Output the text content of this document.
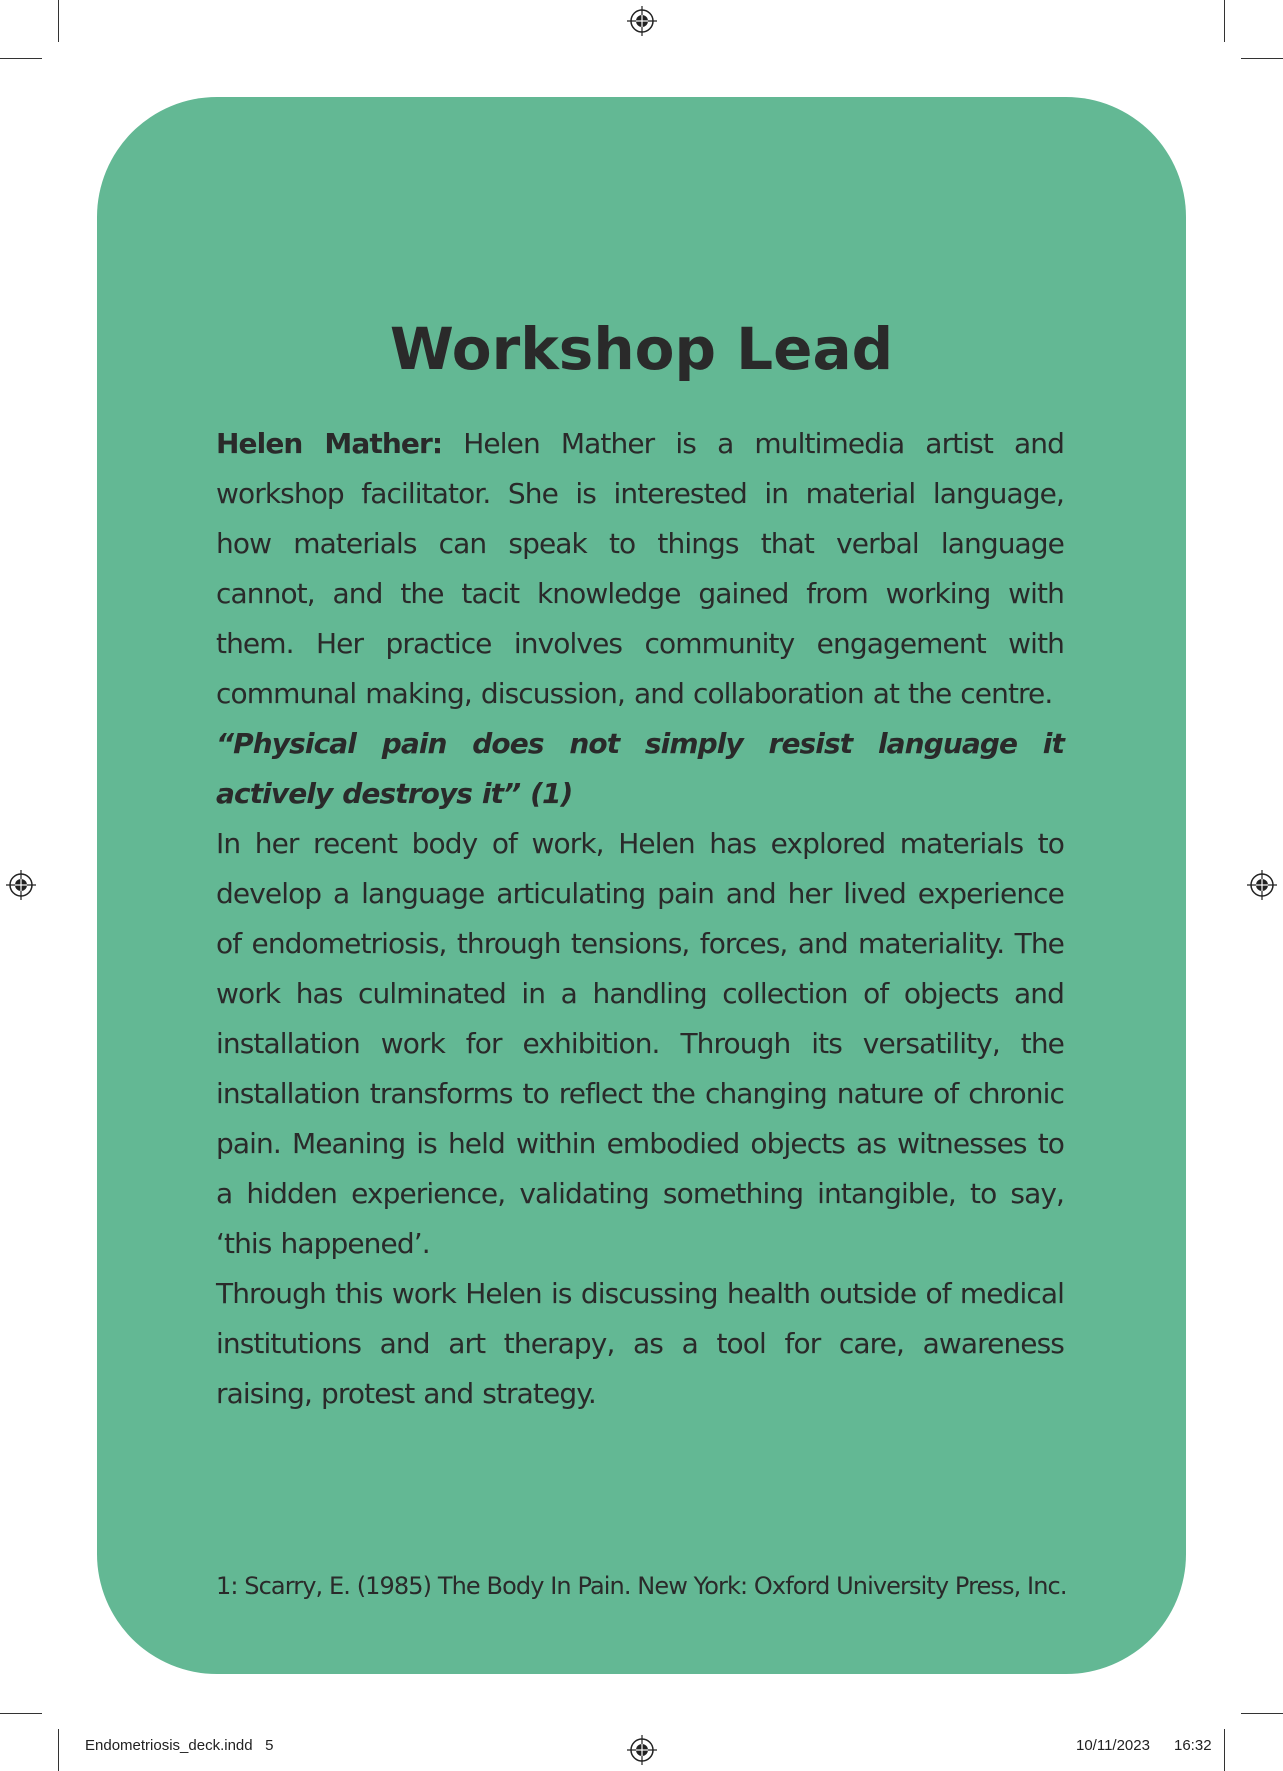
Workshop Lead

Helen Mather: Helen Mather is a multimedia artist and workshop facilitator. She is interested in material language, how materials can speak to things that verbal language cannot, and the tacit knowledge gained from working with them. Her practice involves community engagement with communal making, discussion, and collaboration at the centre.

“Physical pain does not simply resist language it actively destroys it” (1)

In her recent body of work, Helen has explored materials to develop a language articulating pain and her lived experience of endometriosis, through tensions, forces, and materiality. The work has culminated in a handling collection of objects and installation work for exhibition. Through its versatility, the installation transforms to reflect the changing nature of chronic pain. Meaning is held within embodied objects as witnesses to a hidden experience, validating something intangible, to say, ‘this happened’.

Through this work Helen is discussing health outside of medical institutions and art therapy, as a tool for care, awareness raising, protest and strategy.

1: Scarry, E. (1985) The Body In Pain. New York: Oxford University Press, Inc.
Endometriosis_deck.indd   5	10/11/2023 16:32
